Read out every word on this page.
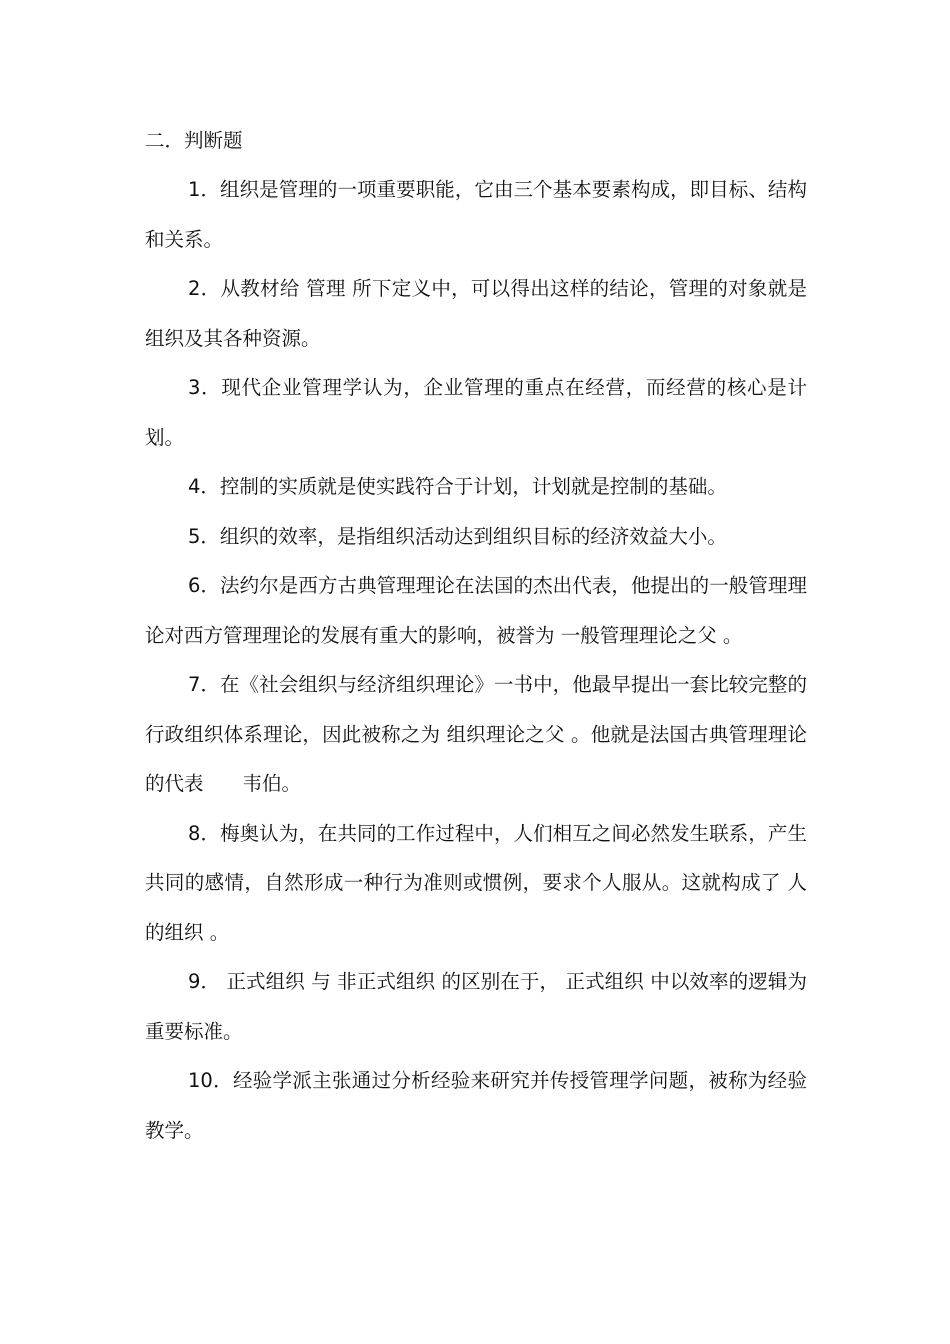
二．判断题

1．组织是管理的一项重要职能，它由三个基本要素构成，即目标、结构和关系。

2．从教材给 管理 所下定义中，可以得出这样的结论，管理的对象就是组织及其各种资源。

3．现代企业管理学认为，企业管理的重点在经营，而经营的核心是计划。

4．控制的实质就是使实践符合于计划，计划就是控制的基础。

5．组织的效率，是指组织活动达到组织目标的经济效益大小。

6．法约尔是西方古典管理理论在法国的杰出代表，他提出的一般管理理论对西方管理理论的发展有重大的影响，被誉为 一般管理理论之父 。

7．在《社会组织与经济组织理论》一书中，他最早提出一套比较完整的行政组织体系理论，因此被称之为 组织理论之父 。他就是法国古典管理理论的代表　　韦伯。

8．梅奥认为，在共同的工作过程中，人们相互之间必然发生联系，产生共同的感情，自然形成一种行为准则或惯例，要求个人服从。这就构成了 人的组织 。

9． 正式组织 与 非正式组织 的区别在于， 正式组织 中以效率的逻辑为重要标准。

10．经验学派主张通过分析经验来研究并传授管理学问题，被称为经验教学。
